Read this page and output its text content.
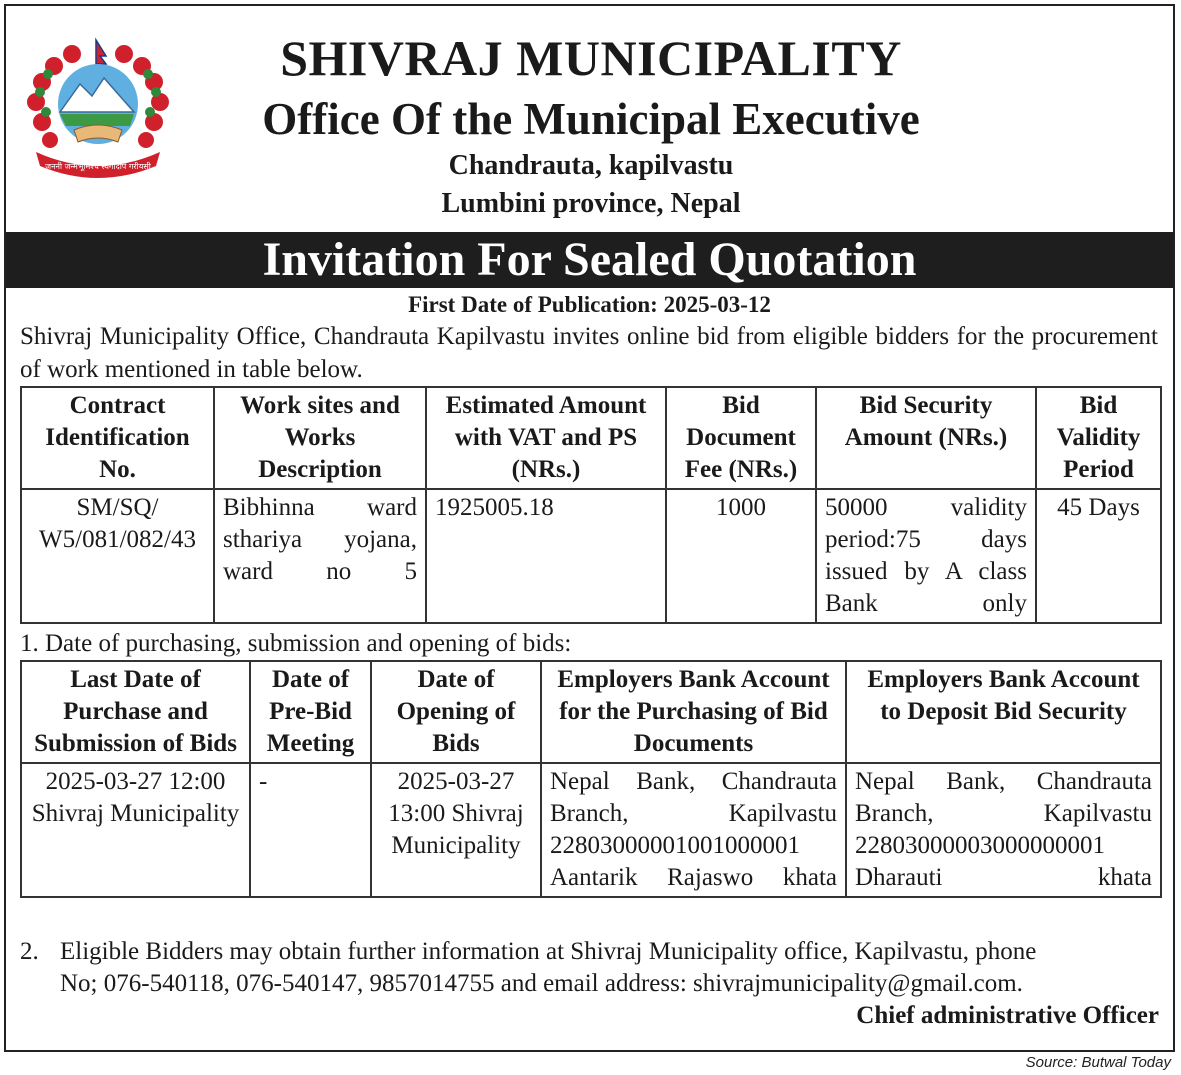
जननी जन्मभूमिश्च स्वर्गादपि गरीयसी
SHIVRAJ MUNICIPALITY
Office Of the Municipal Executive
Chandrauta, kapilvastu
Lumbini province, Nepal
Invitation For Sealed Quotation
First Date of Publication: 2025-03-12
Shivraj Municipality Office, Chandrauta Kapilvastu invites online bid from eligible bidders for the procurement of work mentioned in table below.
Contract Identification No.	Work sites and Works Description	Estimated Amount with VAT and PS (NRs.)	Bid Document Fee (NRs.)	Bid Security Amount (NRs.)	Bid Validity Period
SM/SQ/ W5/081/082/43	Bibhinna ward sthariya yojana, ward no 5	1925005.18	1000	50000 validity period:75 days issued by A class Bank only	45 Days
1. Date of purchasing, submission and opening of bids:
Last Date of Purchase and Submission of Bids	Date of Pre-Bid Meeting	Date of Opening of Bids	Employers Bank Account for the Purchasing of Bid Documents	Employers Bank Account to Deposit Bid Security
2025-03-27 12:00 Shivraj Municipality	-	2025-03-27 13:00 Shivraj Municipality	Nepal Bank, Chandrauta Branch, Kapilvastu 22803000001001000001 Aantarik Rajaswo khata	Nepal Bank, Chandrauta Branch, Kapilvastu 22803000003000000001 Dharauti khata
2. Eligible Bidders may obtain further information at Shivraj Municipality office, Kapilvastu, phone
No; 076-540118, 076-540147, 9857014755 and email address: shivrajmunicipality@gmail.com.
Chief administrative Officer
Source: Butwal Today
